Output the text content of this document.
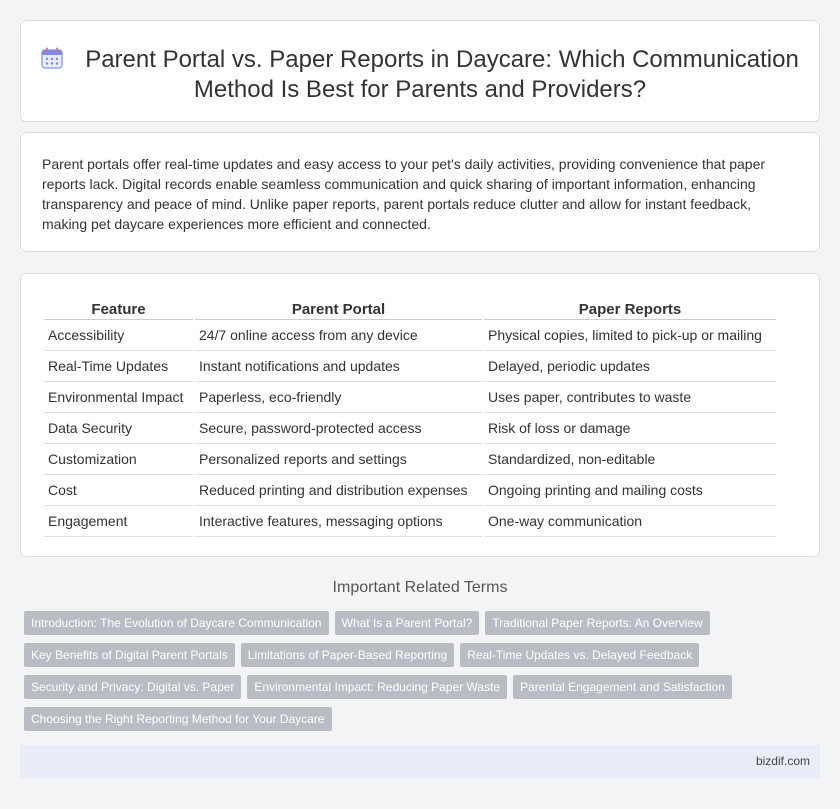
Parent Portal vs. Paper Reports in Daycare: Which Communication Method Is Best for Parents and Providers?

Parent portals offer real-time updates and easy access to your pet's daily activities, providing convenience that paper reports lack. Digital records enable seamless communication and quick sharing of important information, enhancing transparency and peace of mind. Unlike paper reports, parent portals reduce clutter and allow for instant feedback, making pet daycare experiences more efficient and connected.

Feature	Parent Portal	Paper Reports
Accessibility	24/7 online access from any device	Physical copies, limited to pick-up or mailing
Real-Time Updates	Instant notifications and updates	Delayed, periodic updates
Environmental Impact	Paperless, eco-friendly	Uses paper, contributes to waste
Data Security	Secure, password-protected access	Risk of loss or damage
Customization	Personalized reports and settings	Standardized, non-editable
Cost	Reduced printing and distribution expenses	Ongoing printing and mailing costs
Engagement	Interactive features, messaging options	One-way communication
Important Related Terms
Introduction: The Evolution of Daycare Communication What Is a Parent Portal? Traditional Paper Reports: An Overview
Key Benefits of Digital Parent Portals Limitations of Paper-Based Reporting Real-Time Updates vs. Delayed Feedback
Security and Privacy: Digital vs. Paper Environmental Impact: Reducing Paper Waste Parental Engagement and Satisfaction
Choosing the Right Reporting Method for Your Daycare
bizdif.com
